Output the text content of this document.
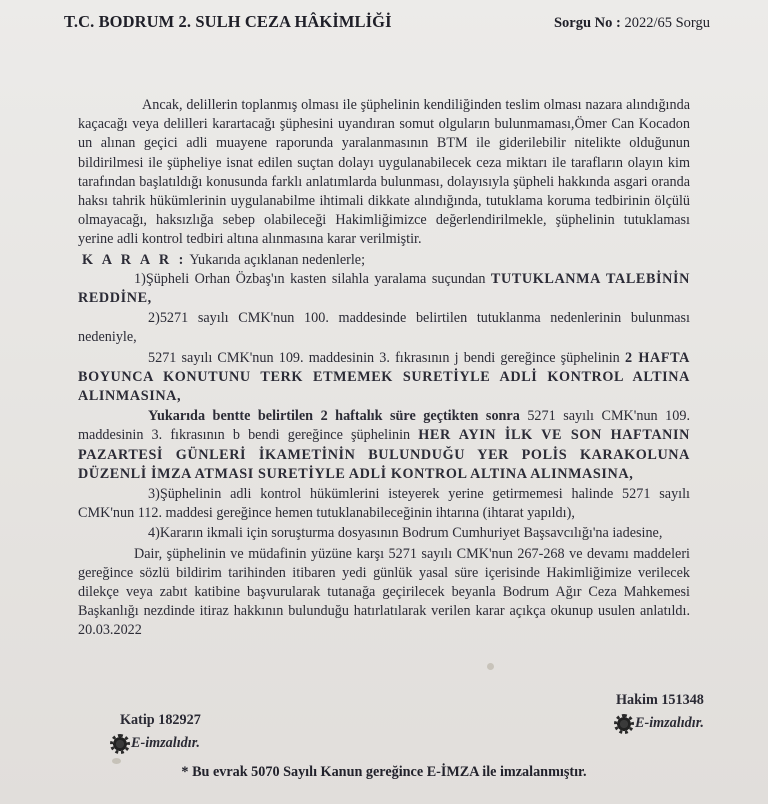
T.C. BODRUM 2. SULH CEZA HÂKİMLİĞİ	Sorgu No : 2022/65 Sorgu

Ancak, delillerin toplanmış olması ile şüphelinin kendiliğinden teslim olması nazara alındığında kaçacağı veya delilleri karartacağı şüphesini uyandıran somut olguların bulunmaması,Ömer Can Kocadon un alınan geçici adli muayene raporunda yaralanmasının BTM ile giderilebilir nitelikte olduğunun bildirilmesi ile şüpheliye isnat edilen suçtan dolayı uygulanabilecek ceza miktarı ile tarafların olayın kim tarafından başlatıldığı konusunda farklı anlatımlarda bulunması, dolayısıyla şüpheli hakkında asgari oranda haksı tahrik hükümlerinin uygulanabilme ihtimali dikkate alındığında, tutuklama koruma tedbirinin ölçülü olmayacağı, haksızlığa sebep olabileceği Hakimliğimizce değerlendirilmekle, şüphelinin tutuklaması yerine adli kontrol tedbiri altına alınmasına karar verilmiştir.

K A R A R : Yukarıda açıklanan nedenlerle;

1)Şüpheli Orhan Özbaş'ın kasten silahla yaralama suçundan TUTUKLANMA TALEBİNİN REDDİNE,

2)5271 sayılı CMK'nun 100. maddesinde belirtilen tutuklanma nedenlerinin bulunması nedeniyle,

5271 sayılı CMK'nun 109. maddesinin 3. fıkrasının j bendi gereğince şüphelinin 2 HAFTA BOYUNCA KONUTUNU TERK ETMEMEK SURETİYLE ADLİ KONTROL ALTINA ALINMASINA,

Yukarıda bentte belirtilen 2 haftalık süre geçtikten sonra 5271 sayılı CMK'nun 109. maddesinin 3. fıkrasının b bendi gereğince şüphelinin HER AYIN İLK VE SON HAFTANIN PAZARTESİ GÜNLERİ İKAMETİNİN BULUNDUĞU YER POLİS KARAKOLUNA DÜZENLİ İMZA ATMASI SURETİYLE ADLİ KONTROL ALTINA ALINMASINA,

3)Şüphelinin adli kontrol hükümlerini isteyerek yerine getirmemesi halinde 5271 sayılı CMK'nun 112. maddesi gereğince hemen tutuklanabileceğinin ihtarına (ihtarat yapıldı),

4)Kararın ikmali için soruşturma dosyasının Bodrum Cumhuriyet Başsavcılığı'na iadesine,

Dair, şüphelinin ve müdafinin yüzüne karşı 5271 sayılı CMK'nun 267-268 ve devamı maddeleri gereğince sözlü bildirim tarihinden itibaren yedi günlük yasal süre içerisinde Hakimliğimize verilecek dilekçe veya zabıt katibine başvurularak tutanağa geçirilecek beyanla Bodrum Ağır Ceza Mahkemesi Başkanlığı nezdinde itiraz hakkının bulunduğu hatırlatılarak verilen karar açıkça okunup usulen anlatıldı. 20.03.2022

Hakim 151348
E-imzalıdır.
Katip 182927
E-imzalıdır.
* Bu evrak 5070 Sayılı Kanun gereğince E-İMZA ile imzalanmıştır.
